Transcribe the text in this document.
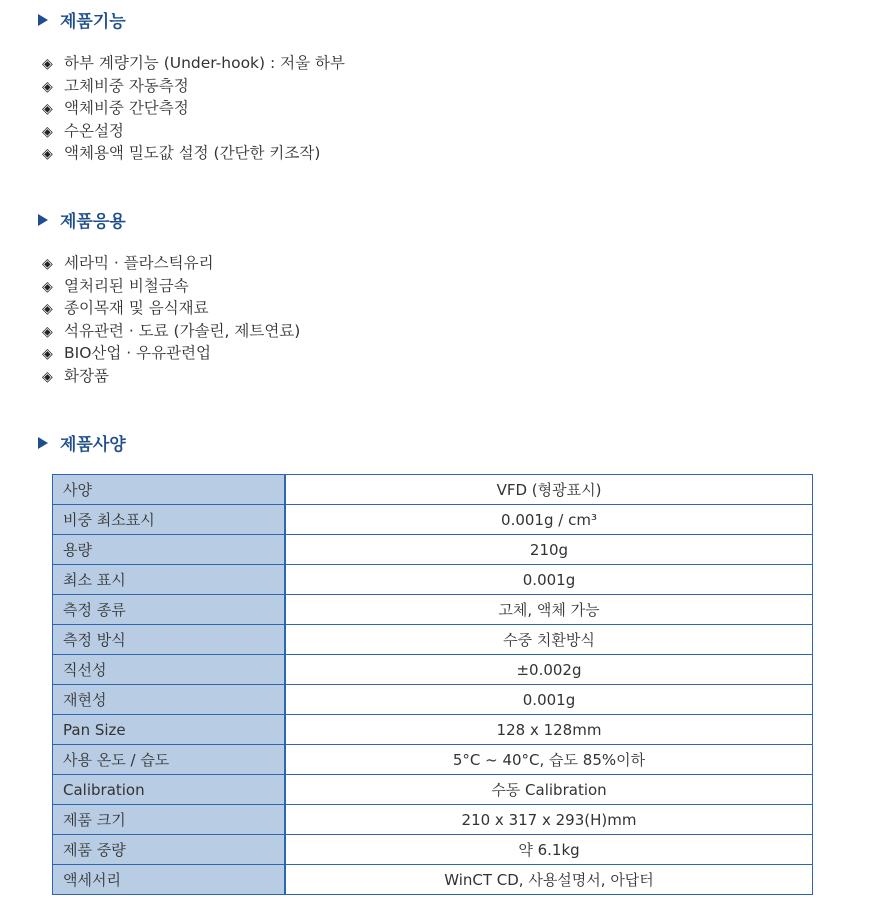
제품기능
◈ 하부 계량기능 (Under-hook) : 저울 하부
◈ 고체비중 자동측정
◈ 액체비중 간단측정
◈ 수온설정
◈ 액체용액 밀도값 설정 (간단한 키조작)
제품응용
◈ 세라믹 · 플라스틱유리
◈ 열처리된 비철금속
◈ 종이목재 및 음식재료
◈ 석유관련 · 도료 (가솔린, 제트연료)
◈ BIO산업 · 우유관련업
◈ 화장품
제품사양
사양	VFD (형광표시)
비중 최소표시	0.001g / cm³
용량	210g
최소 표시	0.001g
측정 종류	고체, 액체 가능
측정 방식	수중 치환방식
직선성	±0.002g
재현성	0.001g
Pan Size	128 x 128mm
사용 온도 / 습도	5°C ~ 40°C, 습도 85%이하
Calibration	수동 Calibration
제품 크기	210 x 317 x 293(H)mm
제품 중량	약 6.1kg
액세서리	WinCT CD, 사용설명서, 아답터
